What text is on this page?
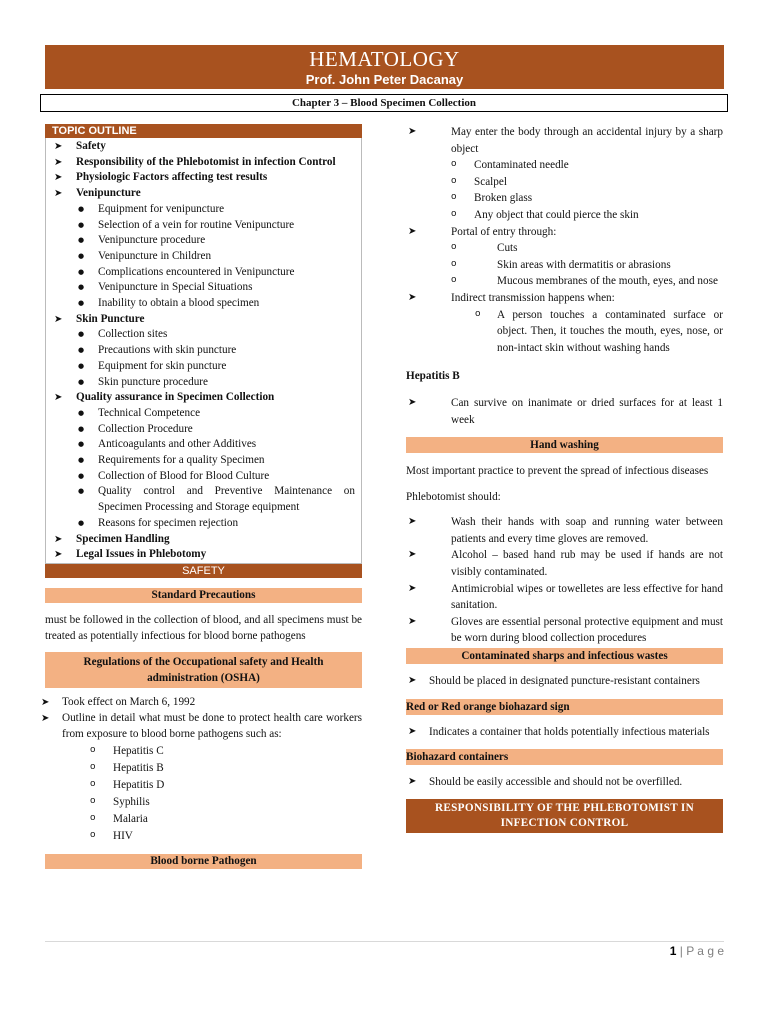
HEMATOLOGY
Prof. John Peter Dacanay
Chapter 3 – Blood Specimen Collection
TOPIC OUTLINE
➤ Safety
➤ Responsibility of the Phlebotomist in infection Control
➤ Physiologic Factors affecting test results
➤ Venipuncture
● Equipment for venipuncture
● Selection of a vein for routine Venipuncture
● Venipuncture procedure
● Venipuncture in Children
● Complications encountered in Venipuncture
● Venipuncture in Special Situations
● Inability to obtain a blood specimen
➤ Skin Puncture
● Collection sites
● Precautions with skin puncture
● Equipment for skin puncture
● Skin puncture procedure
➤ Quality assurance in Specimen Collection
● Technical Competence
● Collection Procedure
● Anticoagulants and other Additives
● Requirements for a quality Specimen
● Collection of Blood for Blood Culture
● Quality control and Preventive Maintenance on Specimen Processing and Storage equipment
● Reasons for specimen rejection
➤ Specimen Handling
➤ Legal Issues in Phlebotomy
SAFETY
Standard Precautions

must be followed in the collection of blood, and all specimens must be treated as potentially infectious for blood borne pathogens

Regulations of the Occupational safety and Health administration (OSHA)
➤ Took effect on March 6, 1992
➤ Outline in detail what must be done to protect health care workers from exposure to blood borne pathogens such as:
o Hepatitis C
o Hepatitis B
o Hepatitis D
o Syphilis
o Malaria
o HIV
Blood borne Pathogen
➤ May enter the body through an accidental injury by a sharp object
o Contaminated needle
o Scalpel
o Broken glass
o Any object that could pierce the skin
➤ Portal of entry through:
o Cuts
o Skin areas with dermatitis or abrasions
o Mucous membranes of the mouth, eyes, and nose
➤ Indirect transmission happens when:
o A person touches a contaminated surface or object. Then, it touches the mouth, eyes, nose, or non-intact skin without washing hands
Hepatitis B
➤ Can survive on inanimate or dried surfaces for at least 1 week
Hand washing

Most important practice to prevent the spread of infectious diseases

Phlebotomist should:

➤ Wash their hands with soap and running water between patients and every time gloves are removed.
➤ Alcohol – based hand rub may be used if hands are not visibly contaminated.
➤ Antimicrobial wipes or towelletes are less effective for hand sanitation.
➤ Gloves are essential personal protective equipment and must be worn during blood collection procedures
Contaminated sharps and infectious wastes
➤ Should be placed in designated puncture-resistant containers
Red or Red orange biohazard sign
➤ Indicates a container that holds potentially infectious materials
Biohazard containers
➤ Should be easily accessible and should not be overfilled.
RESPONSIBILITY OF THE PHLEBOTOMIST IN INFECTION CONTROL
1 | P a g e
